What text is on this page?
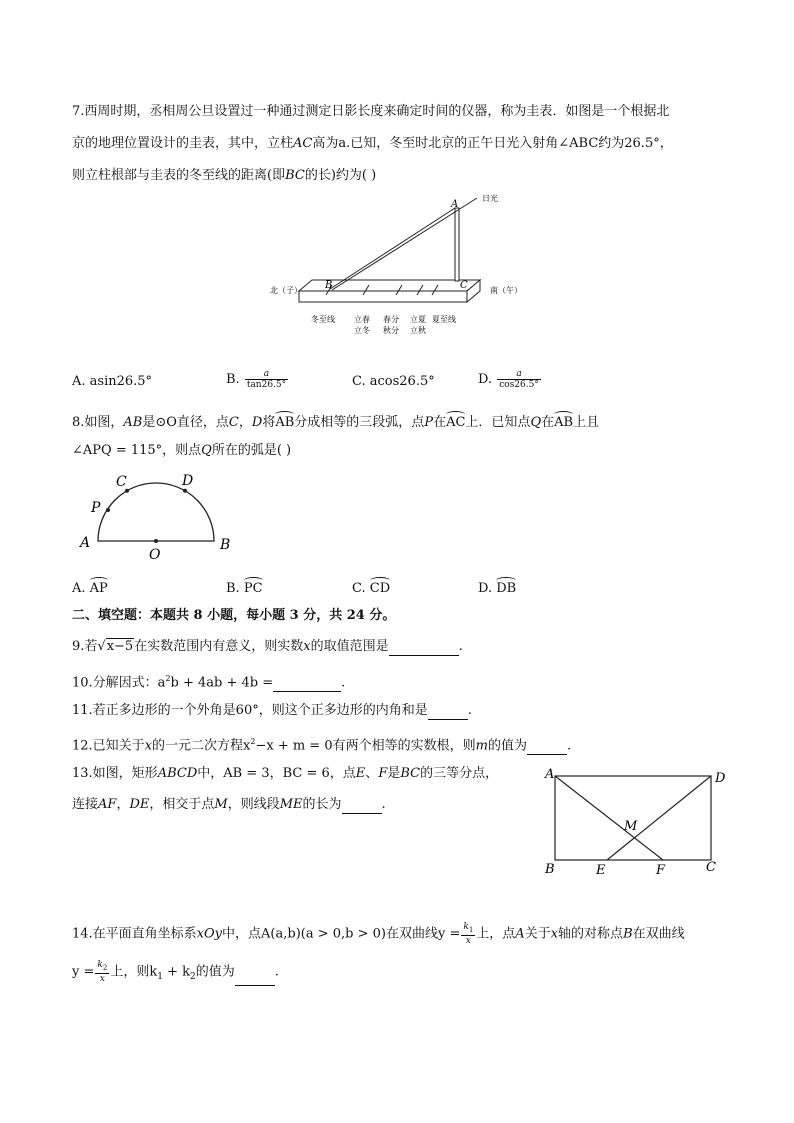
7.西周时期，丞相周公旦设置过一种通过测定日影长度来确定时间的仪器，称为圭表．如图是一个根据北
京的地理位置设计的圭表，其中，立柱AC高为a.已知，冬至时北京的正午日光入射角∠ABC约为26.5°，
则立柱根部与圭表的冬至线的距离(即BC的长)约为( )
A
B	C
日光
北（子）	南（午）
冬至线 立春
立冬
春分
秋分
立夏
立秋
夏至线
A. asin26.5°	B. $\frac{a}{\tan 26.5^\circ}$	C. acos26.5°	D. $\frac{a}{\cos 26.5^\circ}$
8.如图，AB是⊙O直径，点C，D将AB分成相等的三段弧，点P在AC上．已知点Q在AB上且
∠APQ = 115°，则点Q所在的弧是( )
A	B
C	D
P
O
A. AP	B. PC	C. CD	D. DB
二、填空题：本题共 8 小题，每小题 3 分，共 24 分。
9.若√x−5在实数范围内有意义，则实数x的取值范围是	.
10.分解因式：$a^2b + 4ab + 4b$ =	.
11.若正多边形的一个外角是60°，则这个正多边形的内角和是	.
12.已知关于x的一元二次方程$x^2-x + m = 0$有两个相等的实数根，则m的值为	.
13.如图，矩形ABCD中，AB = 3，BC = 6，点E、F是BC的三等分点，
连接AF，DE，相交于点M，则线段ME的长为	.
A	D
B	C
E	F
M
14.在平面直角坐标系xOy中，点A(a,b)(a > 0,b > 0)在双曲线$y = \frac{k_1}{x}$ 上，点A关于x轴的对称点B在双曲线
$y = \frac{k_2}{x}$ 上，则$k_1 + k_2$的值为	.
